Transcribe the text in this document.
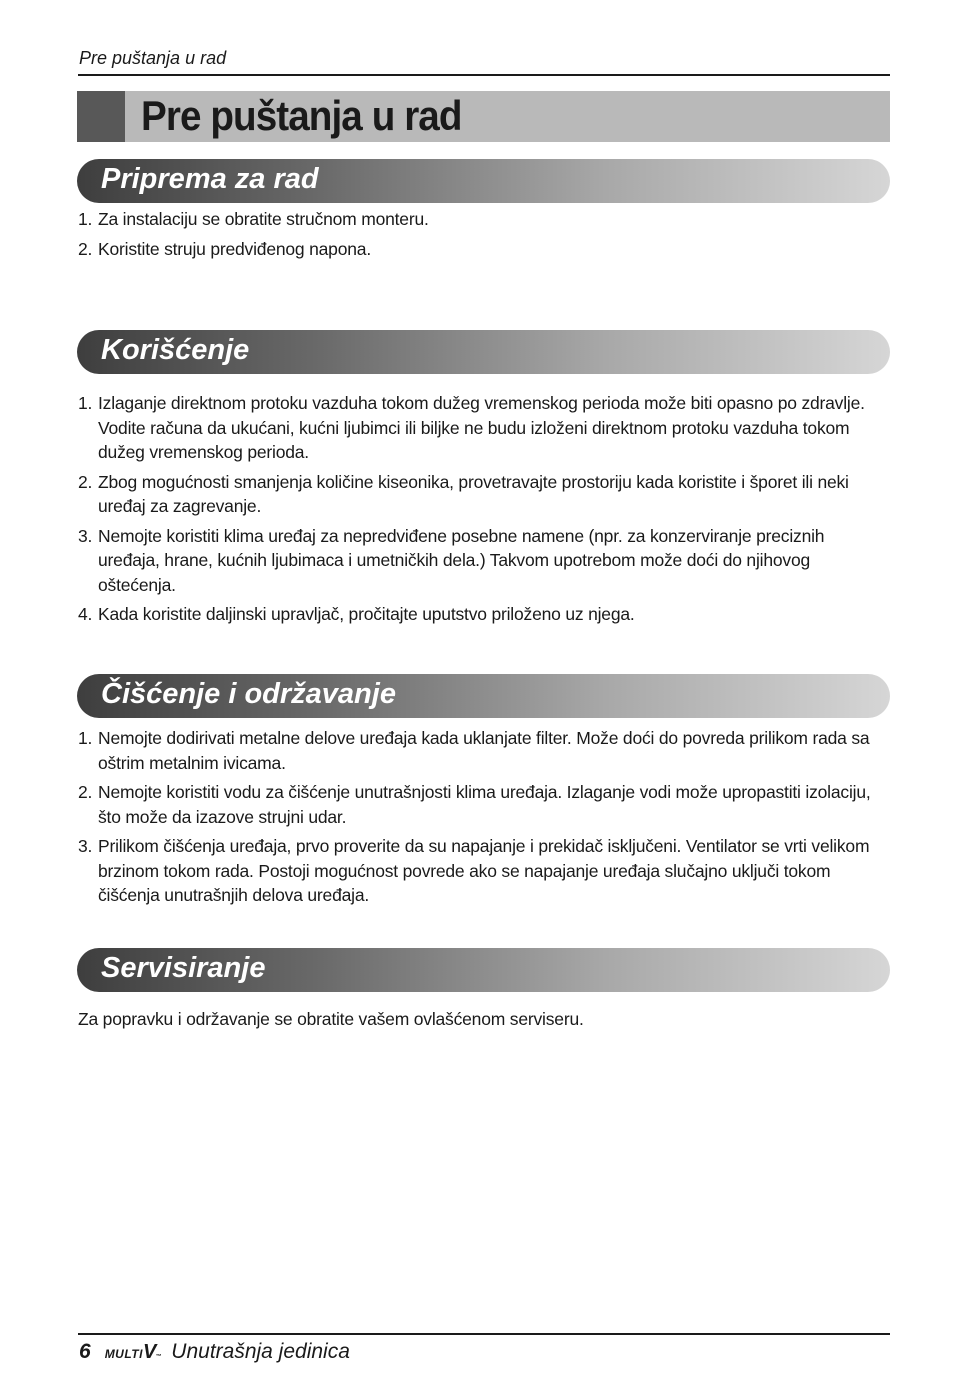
Pre puštanja u rad
Pre puštanja u rad
Priprema za rad
1. Za instalaciju se obratite stručnom monteru.
2. Koristite struju predviđenog napona.
Korišćenje
1. Izlaganje direktnom protoku vazduha tokom dužeg vremenskog perioda može biti opasno po zdravlje. Vodite računa da ukućani, kućni ljubimci ili biljke ne budu izloženi direktnom protoku vazduha tokom dužeg vremenskog perioda.
2. Zbog mogućnosti smanjenja količine kiseonika, provetravajte prostoriju kada koristite i šporet ili neki uređaj za zagrevanje.
3. Nemojte koristiti klima uređaj za nepredviđene posebne namene (npr. za konzerviranje preciznih uređaja, hrane, kućnih ljubimaca i umetničkih dela.) Takvom upotrebom može doći do njihovog oštećenja.
4. Kada koristite daljinski upravljač, pročitajte uputstvo priloženo uz njega.
Čišćenje i održavanje
1. Nemojte dodirivati metalne delove uređaja kada uklanjate filter. Može doći do povreda prilikom rada sa oštrim metalnim ivicama.
2. Nemojte koristiti vodu za čišćenje unutrašnjosti klima uređaja. Izlaganje vodi može upropastiti izolaciju, što može da izazove strujni udar.
3. Prilikom čišćenja uređaja, prvo proverite da su napajanje i prekidač isključeni. Ventilator se vrti velikom brzinom tokom rada. Postoji mogućnost povrede ako se napajanje uređaja slučajno uključi tokom čišćenja unutrašnjih delova uređaja.
Servisiranje

Za popravku i održavanje se obratite vašem ovlašćenom serviseru.

6 MULTIV™ Unutrašnja jedinica
